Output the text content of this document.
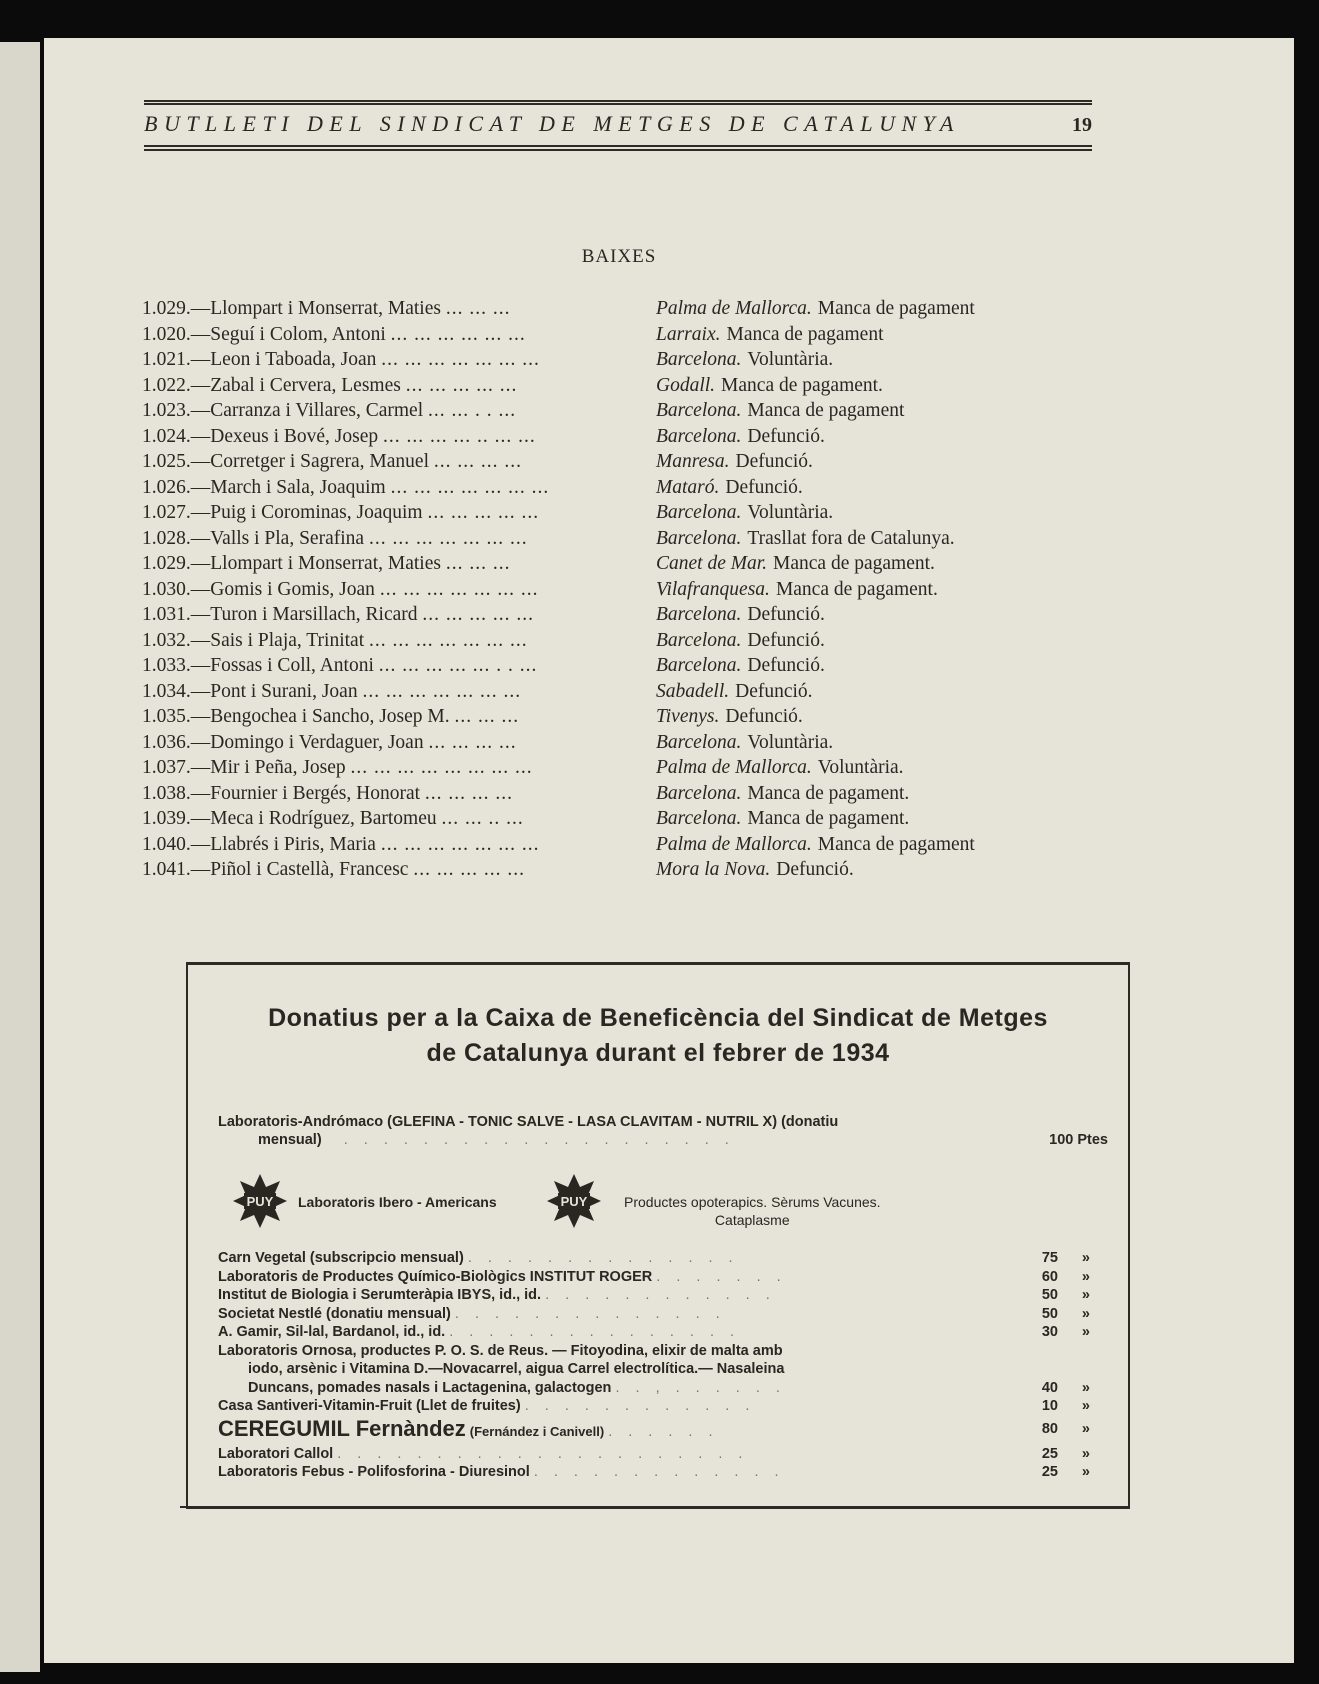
BUTLLETI DEL SINDICAT DE METGES DE CATALUNYA	19
BAIXES
1.029.—Llompart i Monserrat, Maties ... ... ...	Palma de Mallorca. Manca de pagament
1.020.—Seguí i Colom, Antoni ... ... ... ... ... ...	Larraix. Manca de pagament
1.021.—Leon i Taboada, Joan ... ... ... ... ... ... ...	Barcelona. Voluntària.
1.022.—Zabal i Cervera, Lesmes ... ... ... ... ...	Godall. Manca de pagament.
1.023.—Carranza i Villares, Carmel ... ... . . ...	Barcelona. Manca de pagament
1.024.—Dexeus i Bové, Josep ... ... ... ... .. ... ...	Barcelona. Defunció.
1.025.—Corretger i Sagrera, Manuel ... ... ... ...	Manresa. Defunció.
1.026.—March i Sala, Joaquim ... ... ... ... ... ... ...	Mataró. Defunció.
1.027.—Puig i Corominas, Joaquim ... ... ... ... ...	Barcelona. Voluntària.
1.028.—Valls i Pla, Serafina ... ... ... ... ... ... ...	Barcelona. Trasllat fora de Catalunya.
1.029.—Llompart i Monserrat, Maties ... ... ...	Canet de Mar. Manca de pagament.
1.030.—Gomis i Gomis, Joan ... ... ... ... ... ... ...	Vilafranquesa. Manca de pagament.
1.031.—Turon i Marsillach, Ricard ... ... ... ... ...	Barcelona. Defunció.
1.032.—Sais i Plaja, Trinitat ... ... ... ... ... ... ...	Barcelona. Defunció.
1.033.—Fossas i Coll, Antoni ... ... ... ... ... . . ...	Barcelona. Defunció.
1.034.—Pont i Surani, Joan ... ... ... ... ... ... ...	Sabadell. Defunció.
1.035.—Bengochea i Sancho, Josep M. ... ... ...	Tivenys. Defunció.
1.036.—Domingo i Verdaguer, Joan ... ... ... ...	Barcelona. Voluntària.
1.037.—Mir i Peña, Josep ... ... ... ... ... ... ... ...	Palma de Mallorca. Voluntària.
1.038.—Fournier i Bergés, Honorat ... ... ... ...	Barcelona. Manca de pagament.
1.039.—Meca i Rodríguez, Bartomeu ... ... .. ...	Barcelona. Manca de pagament.
1.040.—Llabrés i Piris, Maria ... ... ... ... ... ... ...	Palma de Mallorca. Manca de pagament
1.041.—Piñol i Castellà, Francesc ... ... ... ... ...	Mora la Nova. Defunció.
Donatius per a la Caixa de Beneficència del Sindicat de Metges
de Catalunya durant el febrer de 1934
Laboratoris-Andrómaco (GLEFINA - TONIC SALVE - LASA CLAVITAM - NUTRIL X) (donatiu
mensual) . . . . . . . . . . . . . . . . . . . .	100 Ptes
PUY Laboratoris Ibero - Americans	PUY	Productes opoterapics. Sèrums Vacunes.
Cataplasme
Carn Vegetal (subscripcio mensual) . . . . . . . . . . . . . .	75 »
Laboratoris de Productes Químico-Biològics INSTITUT ROGER . . . . . . .	60 »
Institut de Biologia i Serumteràpia IBYS, id., id. . . . . . . . . . . . .	50 »
Societat Nestlé (donatiu mensual) . . . . . . . . . . . . . .	50 »
A. Gamir, Sil-lal, Bardanol, id., id. . . . . . . . . . . . . . . .	30 »
Laboratoris Ornosa, productes P. O. S. de Reus. — Fitoyodina, elixir de malta amb
iodo, arsènic i Vitamina D.—Novacarrel, aigua Carrel electrolítica.— Nasaleina
Duncans, pomades nasals i Lactagenina, galactogen . . , . . . . . .	40 »
Casa Santiveri-Vitamin-Fruit (Llet de fruites) . . . . . . . . . . . .	10 »
CEREGUMIL Fernàndez (Fernández i Canivell) . . . . . .	80 »
Laboratori Callol . . . . . . . . . . . . . . . . . . . . .	25 »
Laboratoris Febus - Polifosforina - Diuresinol . . . . . . . . . . . . .	25 »
